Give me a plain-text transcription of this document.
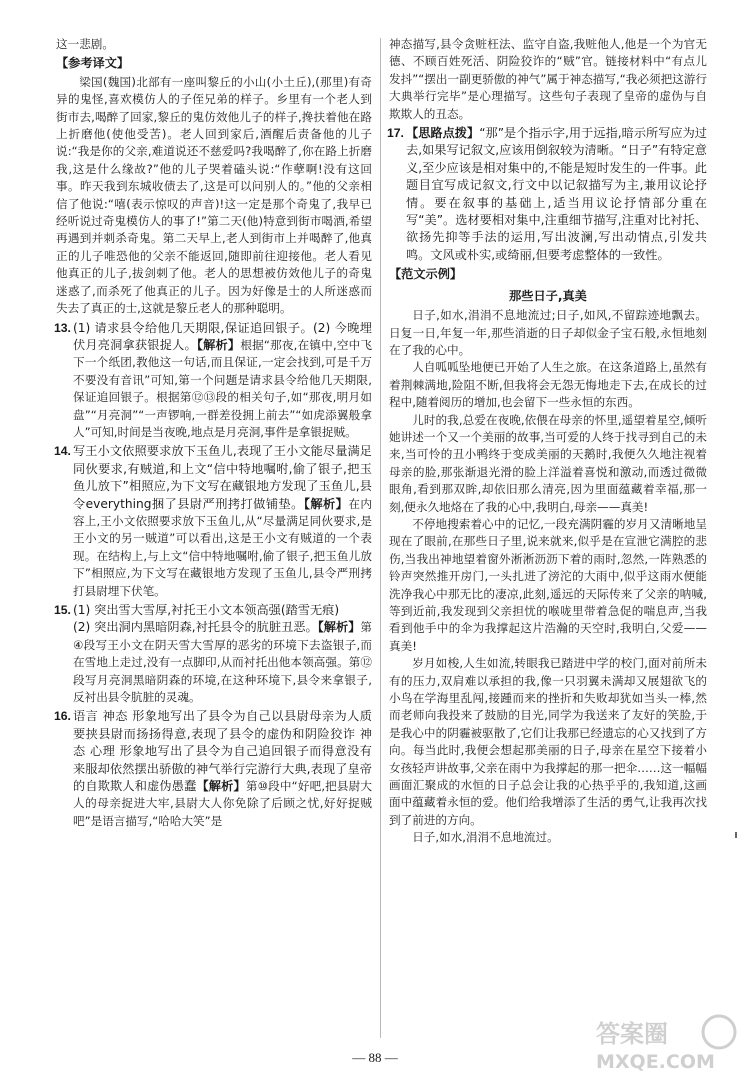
这一悲剧。

【参考译文】

梁国(魏国)北部有一座叫黎丘的小山(小土丘),(那里)有奇异的鬼怪,喜欢模仿人的子侄兄弟的样子。乡里有一个老人到街市去,喝醉了回家,黎丘的鬼仿效他儿子的样子,搀扶着他在路上折磨他(使他受苦)。老人回到家后,酒醒后责备他的儿子说:“我是你的父亲,难道说还不慈爱吗?我喝醉了,你在路上折磨我,这是什么缘故?”他的儿子哭着磕头说:“作孽啊!没有这回事。昨天我到东城收债去了,这是可以问别人的。”他的父亲相信了他说:“嘻(表示惊叹的声音)!这一定是那个奇鬼了,我早已经听说过奇鬼模仿人的事了!”第二天(他)特意到街市喝酒,希望再遇到并刺杀奇鬼。第二天早上,老人到街市上并喝醉了,他真正的儿子唯恐他的父亲不能返回,随即前往迎接他。老人看见他真正的儿子,拔剑刺了他。老人的思想被仿效他儿子的奇鬼迷惑了,而杀死了他真正的儿子。因为好像是士的人所迷惑而失去了真正的士,这就是黎丘老人的那种聪明。

13. (1) 请求县令给他几天期限,保证追回银子。(2) 今晚埋伏月亮洞拿获银捉人。【解析】根据“那夜,在镇中,空中飞下一个纸团,教他这一句话,而且保证,一定会找到,可是千万不要没有音讯”可知,第一个问题是请求县令给他几天期限,保证追回银子。根据第⑫⑬段的相关句子,如“那夜,明月如盘”“月亮洞”“一声锣响,一群差役拥上前去”“如虎添翼般拿人”可知,时间是当夜晚,地点是月亮洞,事件是拿银捉贼。

14. 写王小文依照要求放下玉鱼儿,表现了王小文能尽量满足同伙要求,有贼道,和上文“信中特地嘱咐,偷了银子,把玉鱼儿放下”相照应,为下文写在藏银地方发现了玉鱼儿,县令everything捆了县尉严刑拷打做铺垫。【解析】在内容上,王小文依照要求放下玉鱼儿,从“尽量满足同伙要求,是王小文的另一贼道”可以看出,这是王小文有贼道的一个表现。在结构上,与上文“信中特地嘱咐,偷了银子,把玉鱼儿放下”相照应,为下文写在藏银地方发现了玉鱼儿,县令严刑拷打县尉埋下伏笔。

15. (1) 突出雪大雪厚,衬托王小文本领高强(踏雪无痕)

(2) 突出洞内黑暗阴森,衬托县令的肮脏丑恶。【解析】第④段写王小文在阴天雪大雪厚的恶劣的环境下去盗银子,而在雪地上走过,没有一点脚印,从而衬托出他本领高强。第⑫段写月亮洞黑暗阴森的环境,在这种环境下,县令来拿银子,反衬出县令肮脏的灵魂。

16. 语言 神态 形象地写出了县令为自己以县尉母亲为人质要挟县尉而扬扬得意,表现了县令的虚伪和阴险狡诈 神态 心理 形象地写出了县令为自己追回银子而得意没有来服却依然摆出骄傲的神气举行完游行大典,表现了皇帝的自欺欺人和虚伪愚蠢【解析】第⑩段中“好吧,把县尉大人的母亲捉进大牢,县尉大人你免除了后顾之忧,好好捉贼吧”是语言描写,“哈哈大笑”是

神态描写,县令贪赃枉法、监守自盗,我赃他人,他是一个为官无德、不顾百姓死活、阴险狡诈的“贼”官。链接材料中“有点儿发抖”“摆出一副更骄傲的神气”属于神态描写,“我必须把这游行大典举行完毕”是心理描写。这些句子表现了皇帝的虚伪与自欺欺人的丑态。

17. 【思路点拨】“那”是个指示字,用于远指,暗示所写应为过去,如果写记叙文,应该用倒叙较为清晰。“日子”有特定意义,至少应该是相对集中的,不能是短时发生的一件事。此题目宜写成记叙文,行文中以记叙描写为主,兼用议论抒情。要在叙事的基础上,适当用议论抒情部分重在写“美”。选材要相对集中,注重细节描写,注重对比衬托、欲扬先抑等手法的运用,写出波澜,写出动情点,引发共鸣。文风或朴实,或绮丽,但要考虑整体的一致性。

【范文示例】
那些日子,真美

日子,如水,涓涓不息地流过;日子,如风,不留踪迹地飘去。日复一日,年复一年,那些消逝的日子却似金子宝石般,永恒地刻在了我的心中。

人自呱呱坠地便已开始了人生之旅。在这条道路上,虽然有着荆棘满地,险阻不断,但我将会无怨无悔地走下去,在成长的过程中,随着阅历的增加,也会留下一些永恒的东西。

儿时的我,总爱在夜晚,依偎在母亲的怀里,遥望着星空,倾听她讲述一个又一个美丽的故事,当可爱的人终于找寻到自己的未来,当可怜的丑小鸭终于变成美丽的天鹅时,我便久久地注视着母亲的脸,那张渐退光滑的脸上洋溢着喜悦和激动,而透过微微眼角,看到那双眸,却依旧那么清亮,因为里面蕴藏着幸福,那一刻,便永久地烙在了我的心中,我明白,母亲——真美!

不停地搜索着心中的记忆,一段充满阴霾的岁月又清晰地呈现在了眼前,在那些日子里,说来就来,似乎是在宣泄它满腔的悲伤,当我出神地望着窗外淅淅沥沥下着的雨时,忽然,一阵熟悉的铃声突然推开房门,一头扎进了滂沱的大雨中,似乎这雨水便能洗净我心中那无比的凄凉,此刻,遥远的天际传来了父亲的呐喊,等到近前,我发现到父亲担忧的喉咙里带着急促的喘息声,当我看到他手中的伞为我撑起这片浩瀚的天空时,我明白,父爱——真美!

岁月如梭,人生如流,转眼我已踏进中学的校门,面对前所未有的压力,双肩难以承担的我,像一只羽翼未满却又展翅欲飞的小鸟在学海里乱闯,接踵而来的挫折和失败却犹如当头一棒,然而老师向我投来了鼓励的目光,同学为我送来了友好的笑脸,于是我心中的阴霾被驱散了,它们让我那已经遗忘的心又找到了方向。每当此时,我便会想起那美丽的日子,母亲在星空下接着小女孩轻声讲故事,父亲在雨中为我撑起的那一把伞……这一幅幅画面汇聚成的水恒的日子总会让我的心热乎乎的,我知道,这画面中蕴藏着永恒的爱。他们给我增添了生活的勇气,让我再次找到了前进的方向。

日子,如水,涓涓不息地流过。

— 88 —
答案圈
MXQE.COM
